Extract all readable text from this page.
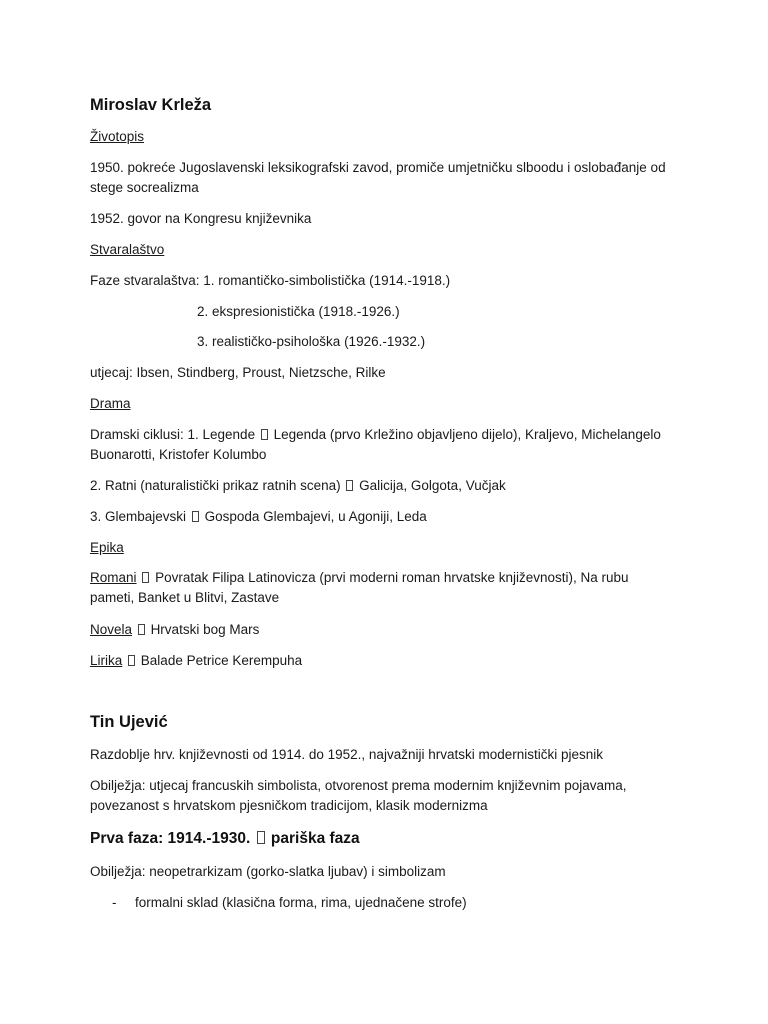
Miroslav Krleža
Životopis
1950. pokreće Jugoslavenski leksikografski zavod, promiče umjetničku slboodu i oslobađanje od stege socrealizma
1952. govor na Kongresu književnika
Stvaralaštvo
Faze stvaralaštva: 1. romantičko-simbolistička (1914.-1918.)
2. ekspresionistička (1918.-1926.)
3. realističko-psihološka (1926.-1932.)
utjecaj: Ibsen, Stindberg, Proust, Nietzsche, Rilke
Drama
Dramski ciklusi: 1. Legende Legenda (prvo Krležino objavljeno dijelo), Kraljevo, Michelangelo Buonarotti, Kristofer Kolumbo
2. Ratni (naturalistički prikaz ratnih scena) Galicija, Golgota, Vučjak
3. Glembajevski Gospoda Glembajevi, u Agoniji, Leda
Epika
Romani Povratak Filipa Latinovicza (prvi moderni roman hrvatske književnosti), Na rubu pameti, Banket u Blitvi, Zastave
Novela Hrvatski bog Mars
Lirika Balade Petrice Kerempuha
Tin Ujević
Razdoblje hrv. književnosti od 1914. do 1952., najvažniji hrvatski modernistički pjesnik
Obilježja: utjecaj francuskih simbolista, otvorenost prema modernim književnim pojavama, povezanost s hrvatskom pjesničkom tradicijom, klasik modernizma
Prva faza: 1914.-1930. pariška faza
Obilježja: neopetrarkizam (gorko-slatka ljubav) i simbolizam
- formalni sklad (klasična forma, rima, ujednačene strofe)
